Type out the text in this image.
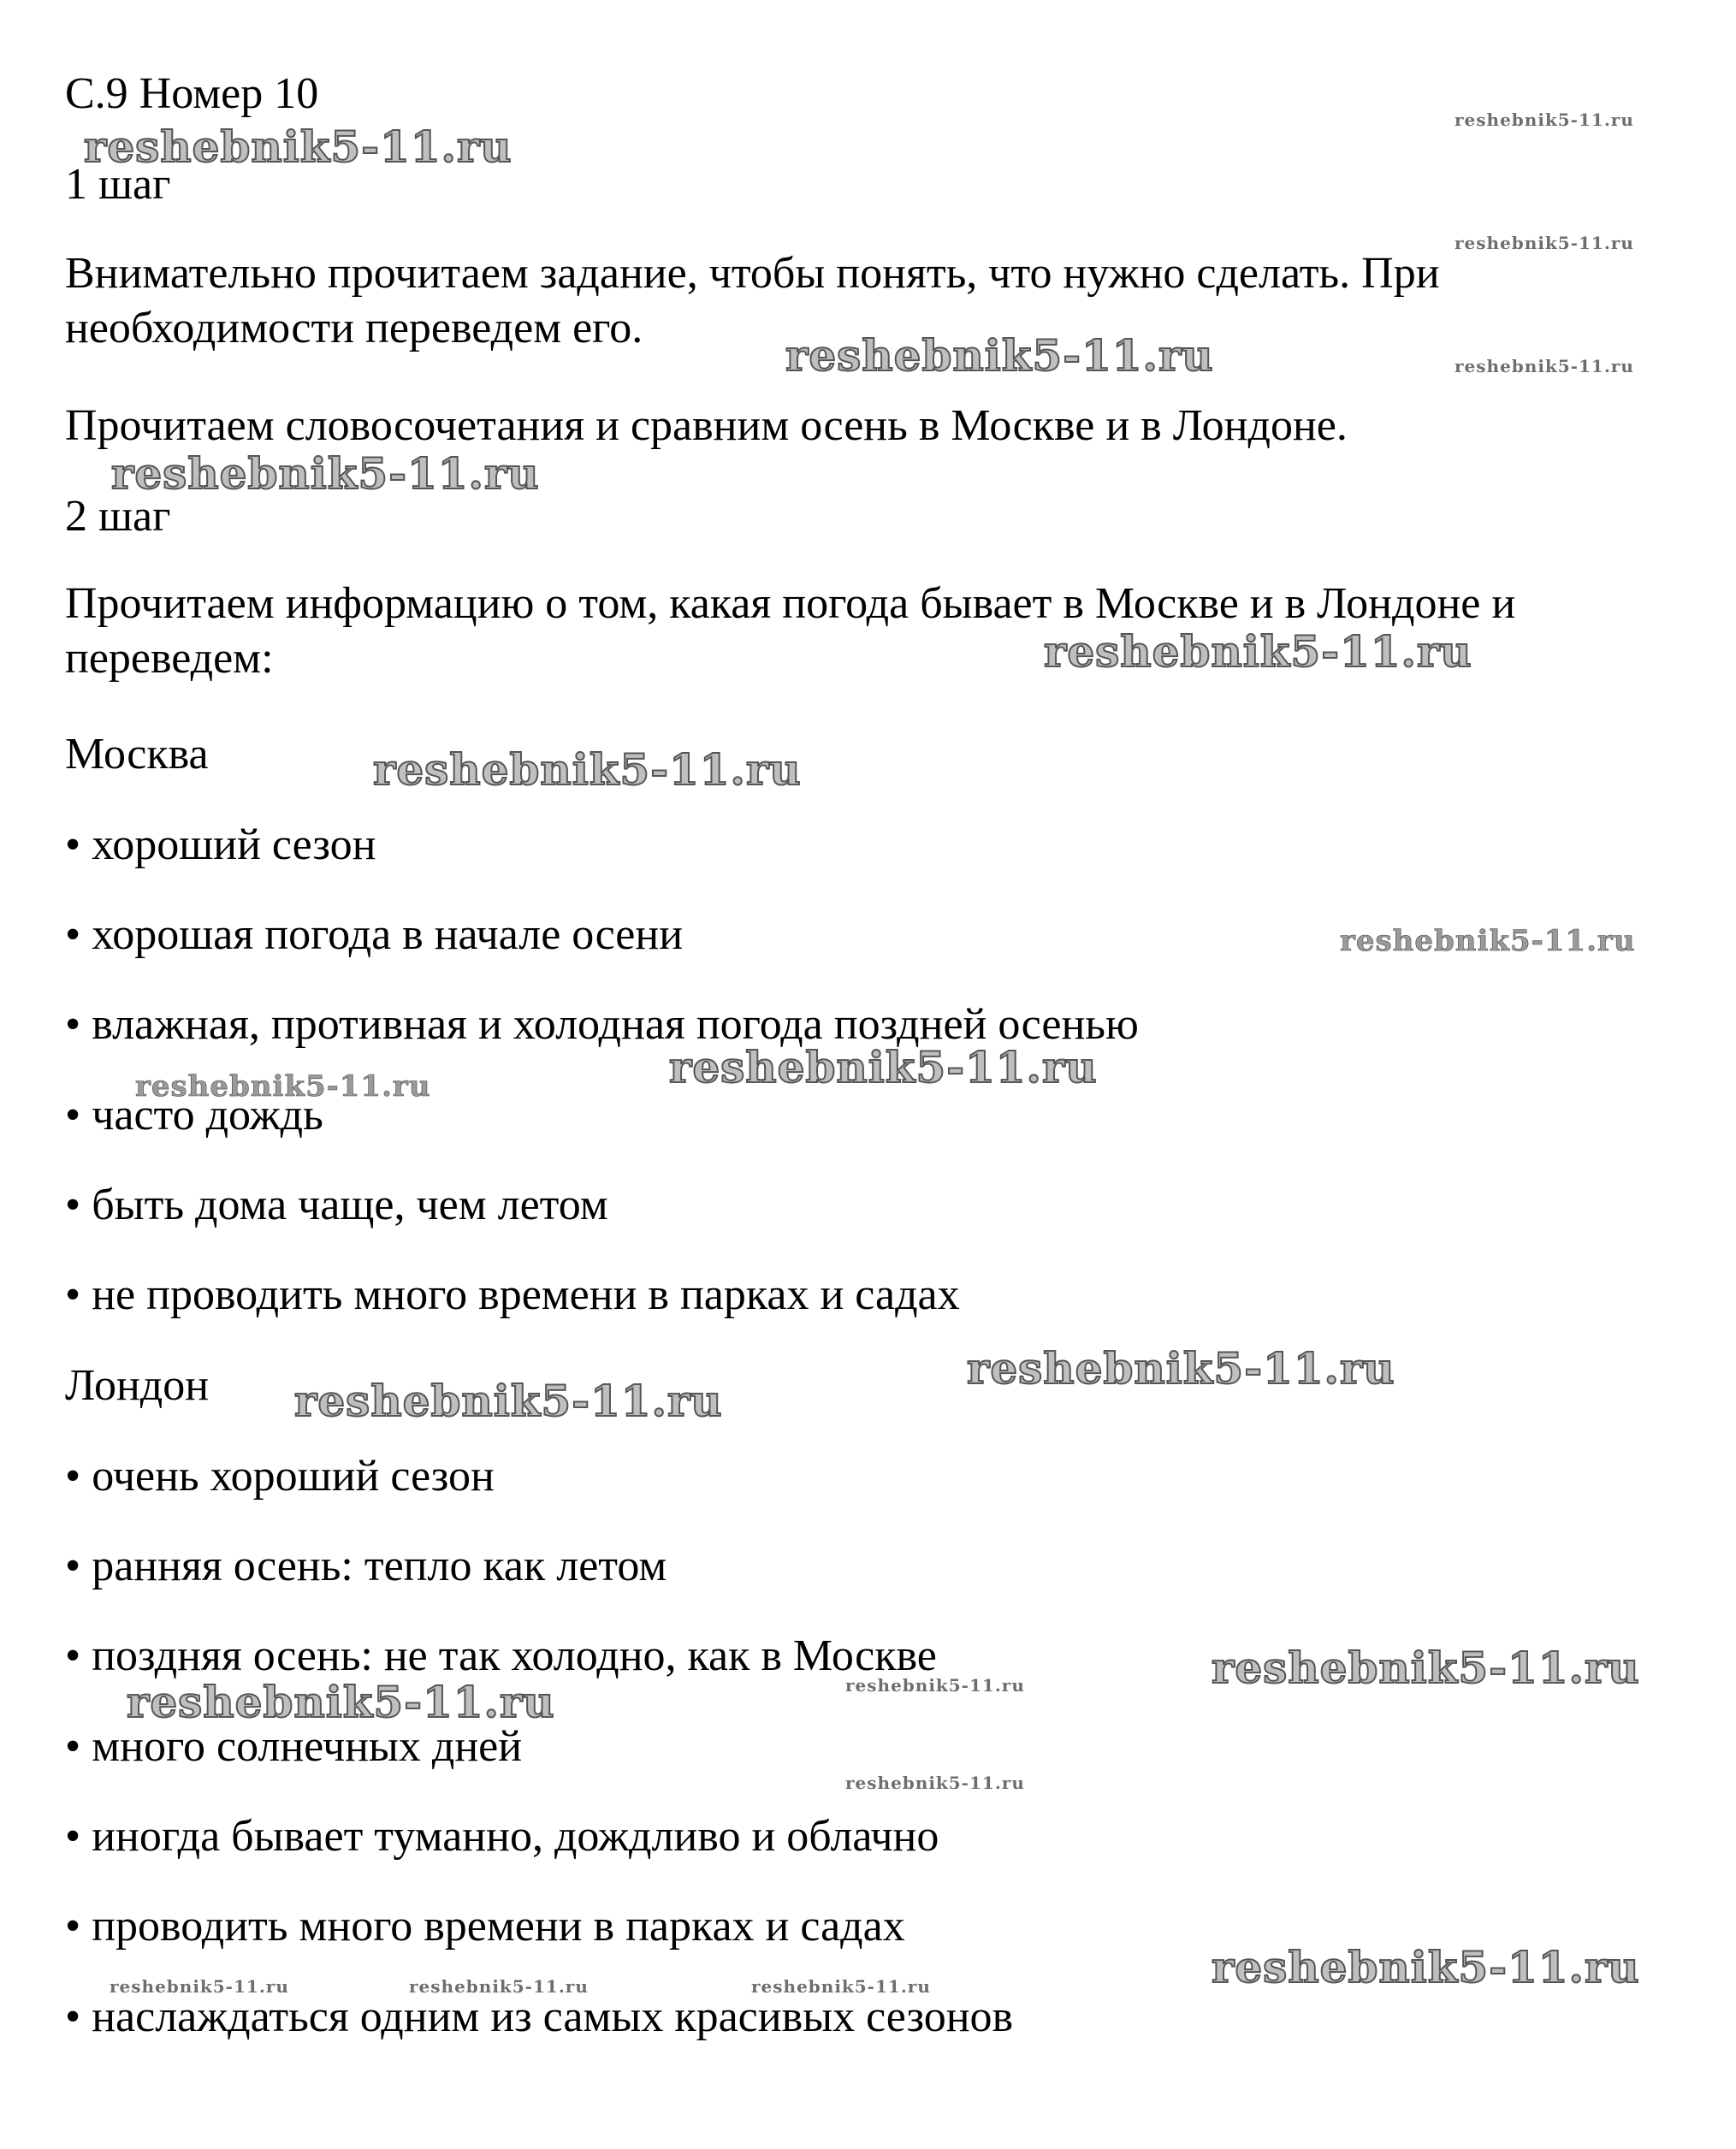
С.9 Номер 10
1 шаг
Внимательно прочитаем задание, чтобы понять, что нужно сделать. При необходимости переведем его.
Прочитаем словосочетания и сравним осень в Москве и в Лондоне.
2 шаг
Прочитаем информацию о том, какая погода бывает в Москве и в Лондоне и переведем:
Москва
• хороший сезон
• хорошая погода в начале осени
• влажная, противная и холодная погода поздней осенью
• часто дождь
• быть дома чаще, чем летом
• не проводить много времени в парках и садах
Лондон
• очень хороший сезон
• ранняя осень: тепло как летом
• поздняя осень: не так холодно, как в Москве
• много солнечных дней
• иногда бывает туманно, дождливо и облачно
• проводить много времени в парках и садах
• наслаждаться одним из самых красивых сезонов
reshebnik5-11.ru
reshebnik5-11.ru
reshebnik5-11.ru
reshebnik5-11.ru	reshebnik5-11.ru
reshebnik5-11.ru
reshebnik5-11.ru
reshebnik5-11.ru
reshebnik5-11.ru
reshebnik5-11.ru	reshebnik5-11.ru
reshebnik5-11.ru
reshebnik5-11.ru
reshebnik5-11.ru
reshebnik5-11.ru
reshebnik5-11.ru
reshebnik5-11.ru
reshebnik5-11.ru
reshebnik5-11.ru	reshebnik5-11.ru	reshebnik5-11.ru
